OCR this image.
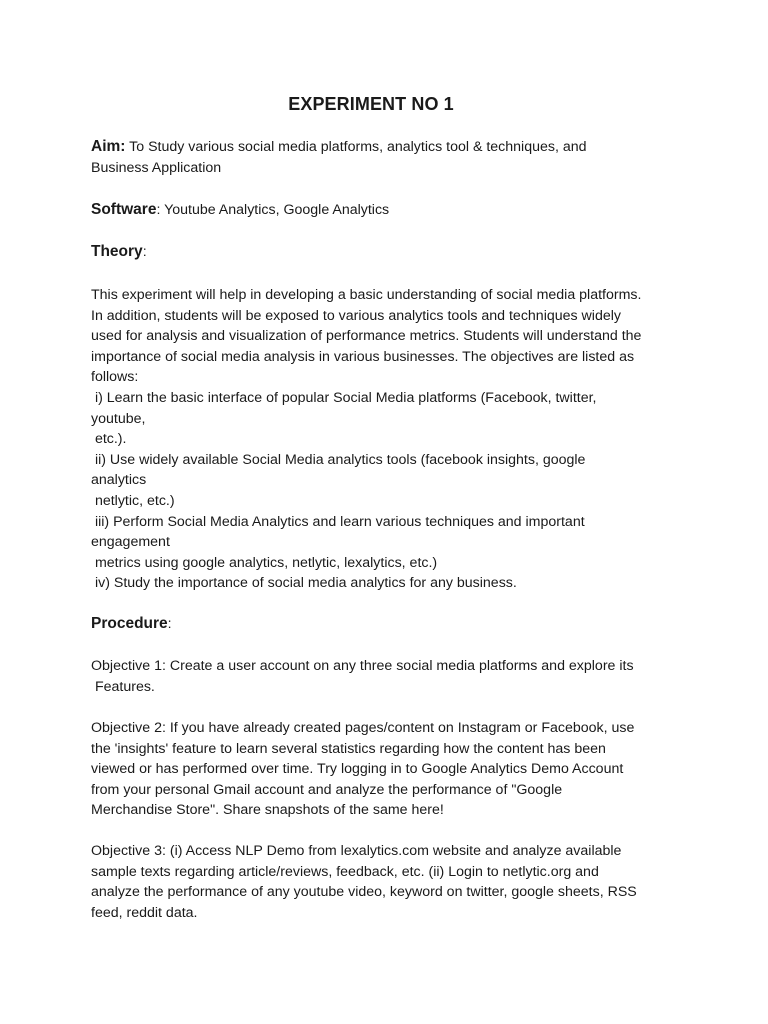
EXPERIMENT NO 1
Aim: To Study various social media platforms, analytics tool & techniques, and
Business Application
Software: Youtube Analytics, Google Analytics
Theory:
This experiment will help in developing a basic understanding of social media platforms.
In addition, students will be exposed to various analytics tools and techniques widely
used for analysis and visualization of performance metrics. Students will understand the
importance of social media analysis in various businesses. The objectives are listed as
follows:
i) Learn the basic interface of popular Social Media platforms (Facebook, twitter,
youtube,
etc.).
ii) Use widely available Social Media analytics tools (facebook insights, google
analytics
netlytic, etc.)
iii) Perform Social Media Analytics and learn various techniques and important
engagement
metrics using google analytics, netlytic, lexalytics, etc.)
iv) Study the importance of social media analytics for any business.
Procedure:
Objective 1: Create a user account on any three social media platforms and explore its
Features.
Objective 2: If you have already created pages/content on Instagram or Facebook, use
the 'insights' feature to learn several statistics regarding how the content has been
viewed or has performed over time. Try logging in to Google Analytics Demo Account
from your personal Gmail account and analyze the performance of "Google
Merchandise Store". Share snapshots of the same here!
Objective 3: (i) Access NLP Demo from lexalytics.com website and analyze available
sample texts regarding article/reviews, feedback, etc. (ii) Login to netlytic.org and
analyze the performance of any youtube video, keyword on twitter, google sheets, RSS
feed, reddit data.
